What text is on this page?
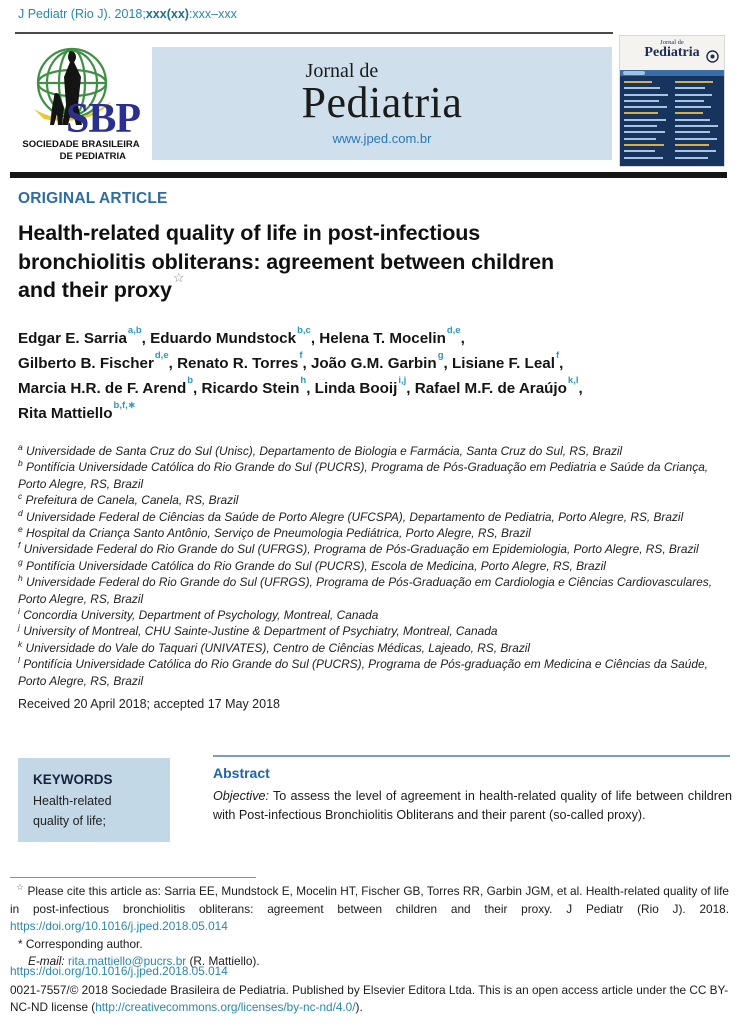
J Pediatr (Rio J). 2018;xxx(xx):xxx–xxx
SBP
SOCIEDADE BRASILEIRA
DE PEDIATRIA
Jornal de
Pediatria
www.jped.com.br
Jornal de
Pediatria
ORIGINAL ARTICLE
Health-related quality of life in post-infectious
bronchiolitis obliterans: agreement between children
and their proxy☆
Edgar E. Sarria$^{a,b}$, Eduardo Mundstock$^{b,c}$, Helena T. Mocelin$^{d,e}$,
Gilberto B. Fischer$^{d,e}$, Renato R. Torres$^f$, João G.M. Garbin$^g$, Lisiane F. Leal$^f$,
Marcia H.R. de F. Arend$^b$, Ricardo Stein$^h$, Linda Booij$^{i,j}$, Rafael M.F. de Araújo$^{k,l}$,
Rita Mattiello$^{b,f,∗}$

$^a$ Universidade de Santa Cruz do Sul (Unisc), Departamento de Biologia e Farmácia, Santa Cruz do Sul, RS, Brazil

$^b$ Pontifícia Universidade Católica do Rio Grande do Sul (PUCRS), Programa de Pós-Graduação em Pediatria e Saúde da Criança, Porto Alegre, RS, Brazil

$^c$ Prefeitura de Canela, Canela, RS, Brazil

$^d$ Universidade Federal de Ciências da Saúde de Porto Alegre (UFCSPA), Departamento de Pediatria, Porto Alegre, RS, Brazil

$^e$ Hospital da Criança Santo Antônio, Serviço de Pneumologia Pediátrica, Porto Alegre, RS, Brazil

$^f$ Universidade Federal do Rio Grande do Sul (UFRGS), Programa de Pós-Graduação em Epidemiologia, Porto Alegre, RS, Brazil

$^g$ Pontifícia Universidade Católica do Rio Grande do Sul (PUCRS), Escola de Medicina, Porto Alegre, RS, Brazil

$^h$ Universidade Federal do Rio Grande do Sul (UFRGS), Programa de Pós-Graduação em Cardiologia e Ciências Cardiovasculares, Porto Alegre, RS, Brazil

$^i$ Concordia University, Department of Psychology, Montreal, Canada

$^j$ University of Montreal, CHU Sainte-Justine & Department of Psychiatry, Montreal, Canada

$^k$ Universidade do Vale do Taquari (UNIVATES), Centro de Ciências Médicas, Lajeado, RS, Brazil

$^l$ Pontifícia Universidade Católica do Rio Grande do Sul (PUCRS), Programa de Pós-graduação em Medicina e Ciências da Saúde, Porto Alegre, RS, Brazil

Received 20 April 2018; accepted 17 May 2018
KEYWORDS
Health-related
quality of life;
Abstract

Objective: To assess the level of agreement in health-related quality of life between children with Post-infectious Bronchiolitis Obliterans and their parent (so-called proxy).

☆ Please cite this article as: Sarria EE, Mundstock E, Mocelin HT, Fischer GB, Torres RR, Garbin JGM, et al. Health-related quality of life in post-infectious bronchiolitis obliterans: agreement between children and their proxy. J Pediatr (Rio J). 2018. https://doi.org/10.1016/j.jped.2018.05.014

* Corresponding author.

E-mail: rita.mattiello@pucrs.br (R. Mattiello).

https://doi.org/10.1016/j.jped.2018.05.014

0021-7557/© 2018 Sociedade Brasileira de Pediatria. Published by Elsevier Editora Ltda. This is an open access article under the CC BY-NC-ND license (http://creativecommons.org/licenses/by-nc-nd/4.0/).
